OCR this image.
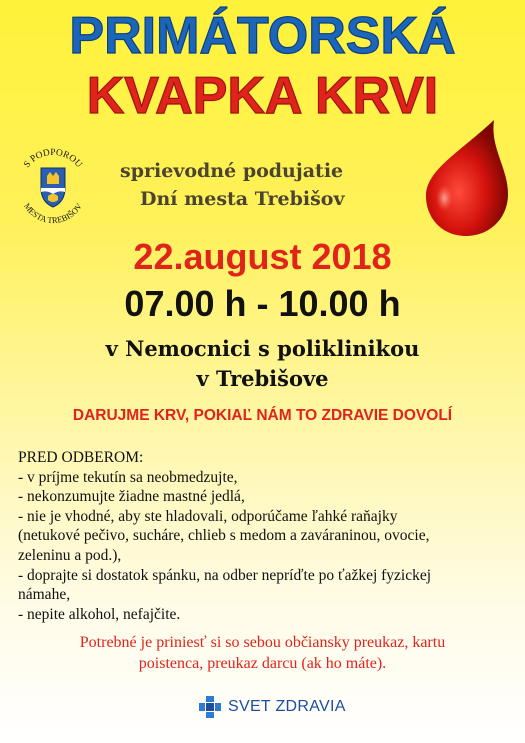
PRIMÁTORSKÁ
KVAPKA KRVI
S PODPOROU
MESTA TREBIŠOV
sprievodné podujatie
Dní mesta Trebišov
22.august 2018
07.00 h - 10.00 h
v Nemocnici s poliklinikou
v Trebišove
DARUJME KRV, POKIAĽ NÁM TO ZDRAVIE DOVOLÍ
PRED ODBEROM:
- v príjme tekutín sa neobmedzujte,
- nekonzumujte žiadne mastné jedlá,
- nie je vhodné, aby ste hladovali, odporúčame ľahké raňajky
(netukové pečivo, sucháre, chlieb s medom a zaváraninou, ovocie,
zeleninu a pod.),
- doprajte si dostatok spánku, na odber nepríďte po ťažkej fyzickej
námahe,
- nepite alkohol, nefajčite.
Potrebné je priniesť si so sebou občiansky preukaz, kartu
poistenca, preukaz darcu (ak ho máte).
SVET ZDRAVIA
